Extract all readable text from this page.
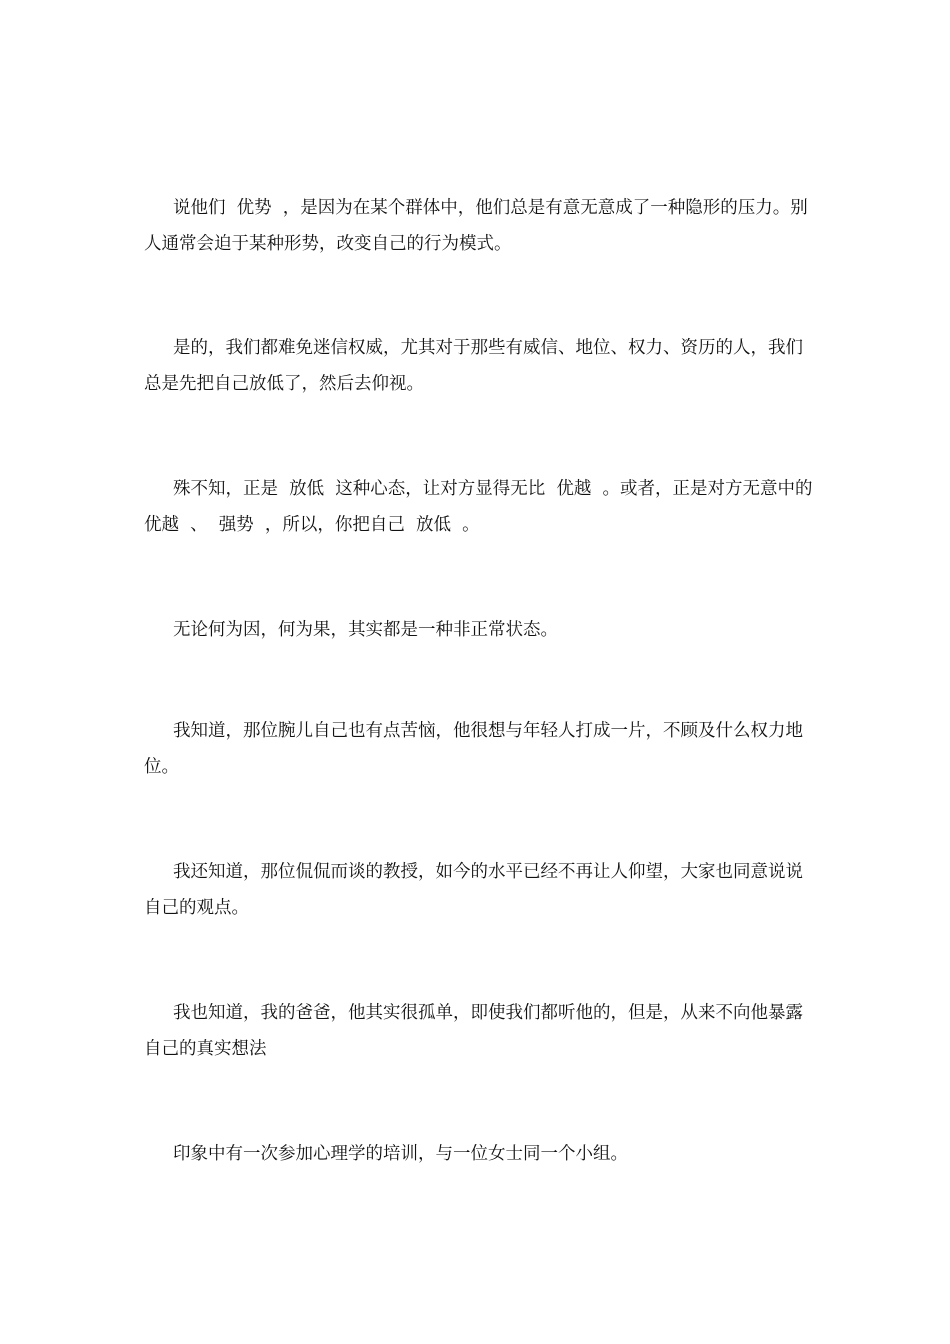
说他们  优势  ，是因为在某个群体中，他们总是有意无意成了一种隐形的压力。别人通常会迫于某种形势，改变自己的行为模式。

是的，我们都难免迷信权威，尤其对于那些有威信、地位、权力、资历的人，我们总是先把自己放低了，然后去仰视。

殊不知，正是  放低  这种心态，让对方显得无比  优越  。或者，正是对方无意中的  优越  、  强势  ，所以，你把自己  放低  。

无论何为因，何为果，其实都是一种非正常状态。

我知道，那位腕儿自己也有点苦恼，他很想与年轻人打成一片，不顾及什么权力地位。

我还知道，那位侃侃而谈的教授，如今的水平已经不再让人仰望，大家也同意说说自己的观点。

我也知道，我的爸爸，他其实很孤单，即使我们都听他的，但是，从来不向他暴露自己的真实想法

印象中有一次参加心理学的培训，与一位女士同一个小组。
